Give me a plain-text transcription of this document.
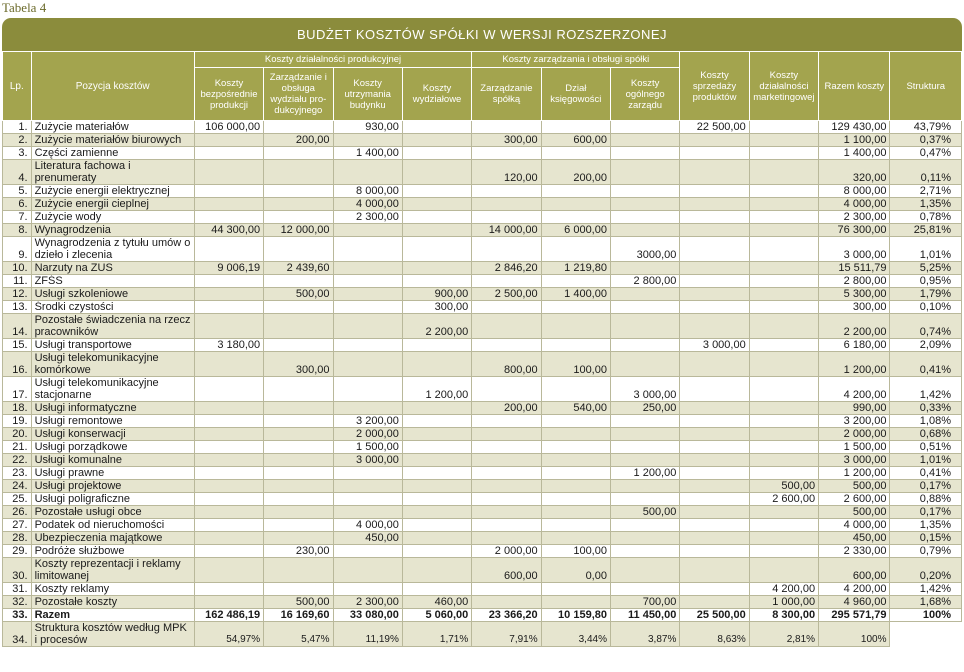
Tabela 4
BUDŻET KOSZTÓW SPÓŁKI W WERSJI ROZSZERZONEJ
Lp.	Pozycja kosztów	Koszty działalności produkcyjnej				Koszty zarządzania i obsługi spółki			Koszty sprzedaży produktów	Koszty działalności marketingowej	Razem koszty	Struktura
		Koszty bezpośrednie produkcji	Zarządzanie i obsługa wydziału pro-dukcyjnego	Koszty utrzymania budynku	Koszty wydziałowe	Zarządzanie spółką	Dział księgowości	Koszty ogólnego zarządu				
1.	Zużycie materiałów	106 000,00		930,00					22 500,00		129 430,00	43,79%
2.	Zużycie materiałów biurowych		200,00			300,00	600,00				1 100,00	0,37%
3.	Części zamienne			1 400,00							1 400,00	0,47%
4.	Literatura fachowa i prenumeraty					120,00	200,00				320,00	0,11%
5.	Zużycie energii elektrycznej			8 000,00							8 000,00	2,71%
6.	Zużycie energii cieplnej			4 000,00							4 000,00	1,35%
7.	Zużycie wody			2 300,00							2 300,00	0,78%
8.	Wynagrodzenia	44 300,00	12 000,00			14 000,00	6 000,00				76 300,00	25,81%
9.	Wynagrodzenia z tytułu umów o dzieło i zlecenia							3000,00			3 000,00	1,01%
10.	Narzuty na ZUS	9 006,19	2 439,60			2 846,20	1 219,80				15 511,79	5,25%
11.	ZFŚS							2 800,00			2 800,00	0,95%
12.	Usługi szkoleniowe		500,00		900,00	2 500,00	1 400,00				5 300,00	1,79%
13.	Środki czystości				300,00						300,00	0,10%
14.	Pozostałe świadczenia na rzecz pracowników				2 200,00						2 200,00	0,74%
15.	Usługi transportowe	3 180,00							3 000,00		6 180,00	2,09%
16.	Usługi telekomunikacyjne komórkowe		300,00			800,00	100,00				1 200,00	0,41%
17.	Usługi telekomunikacyjne stacjonarne				1 200,00			3 000,00			4 200,00	1,42%
18.	Usługi informatyczne					200,00	540,00	250,00			990,00	0,33%
19.	Usługi remontowe			3 200,00							3 200,00	1,08%
20.	Usługi konserwacji			2 000,00							2 000,00	0,68%
21.	Usługi porządkowe			1 500,00							1 500,00	0,51%
22.	Usługi komunalne			3 000,00							3 000,00	1,01%
23.	Usługi prawne							1 200,00			1 200,00	0,41%
24.	Usługi projektowe									500,00	500,00	0,17%
25.	Usługi poligraficzne									2 600,00	2 600,00	0,88%
26.	Pozostałe usługi obce							500,00			500,00	0,17%
27.	Podatek od nieruchomości			4 000,00							4 000,00	1,35%
28.	Ubezpieczenia majątkowe			450,00							450,00	0,15%
29.	Podróże służbowe		230,00			2 000,00	100,00				2 330,00	0,79%
30.	Koszty reprezentacji i reklamy limitowanej					600,00	0,00				600,00	0,20%
31.	Koszty reklamy									4 200,00	4 200,00	1,42%
32.	Pozostałe koszty		500,00	2 300,00	460,00			700,00		1 000,00	4 960,00	1,68%
33.	Razem	162 486,19	16 169,60	33 080,00	5 060,00	23 366,20	10 159,80	11 450,00	25 500,00	8 300,00	295 571,79	100%
34.	Struktura kosztów według MPK i procesów	54,97%	5,47%	11,19%	1,71%	7,91%	3,44%	3,87%	8,63%	2,81%	100%	
